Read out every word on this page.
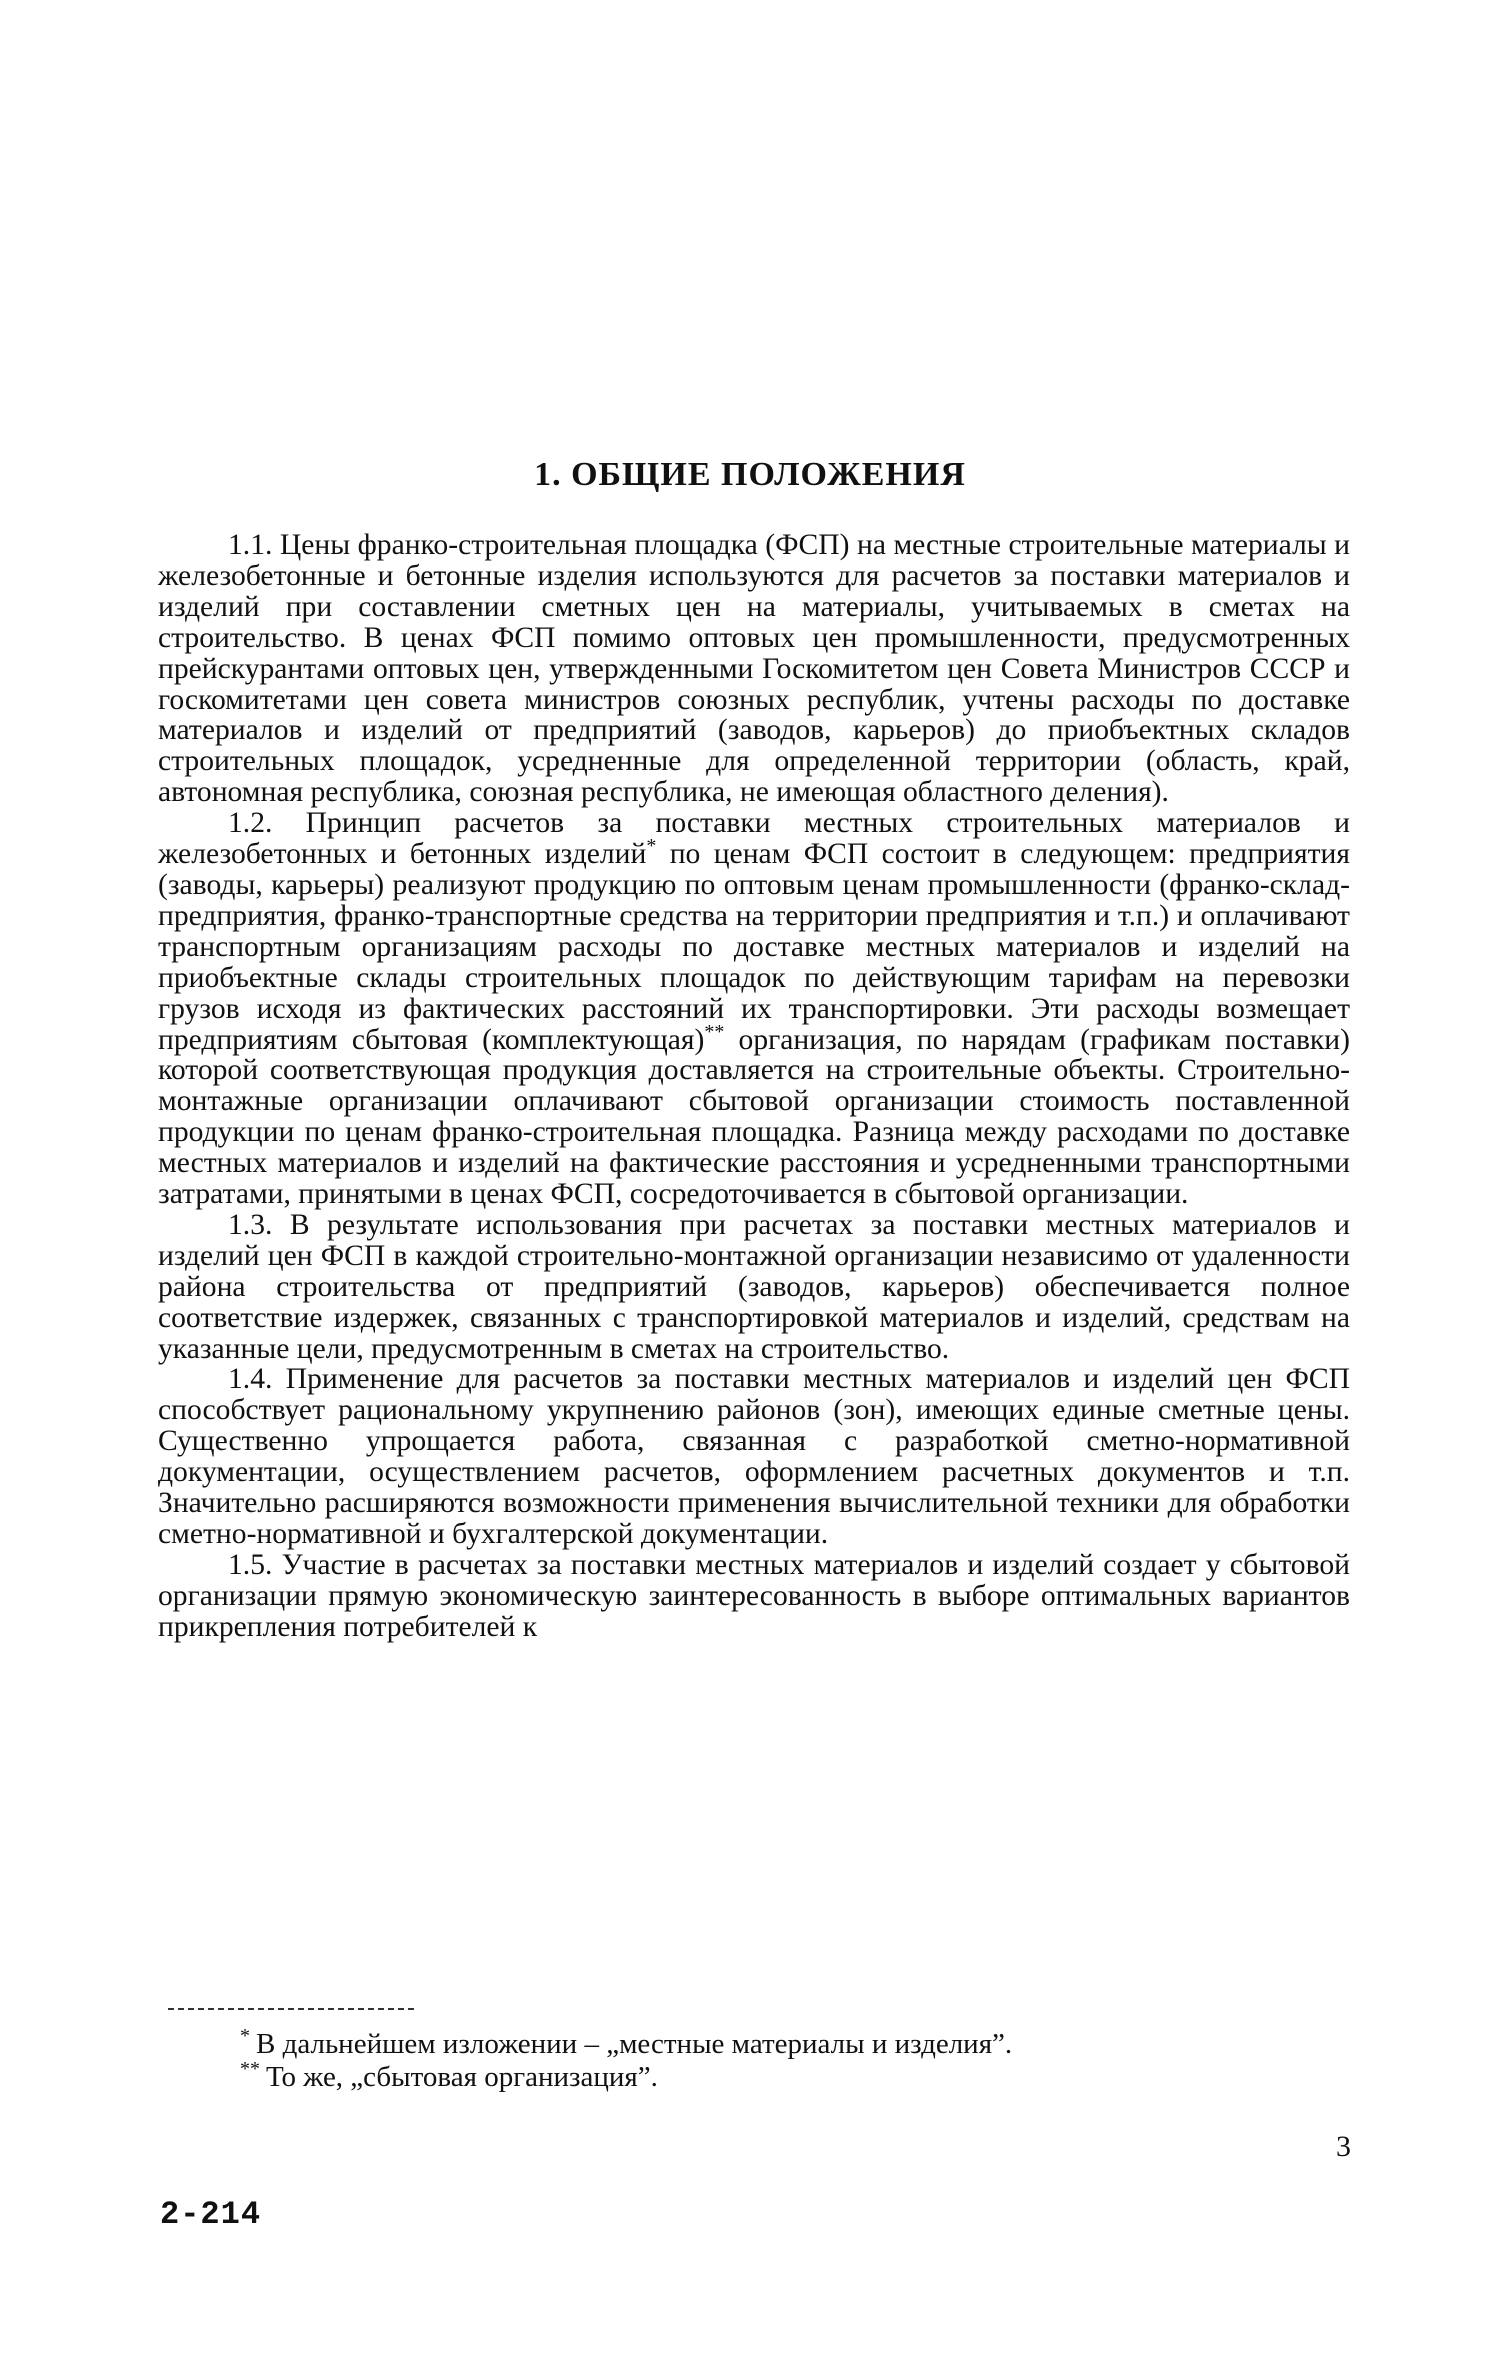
1. ОБЩИЕ ПОЛОЖЕНИЯ

1.1. Цены франко-строительная площадка (ФСП) на местные строительные материалы и железобетонные и бетонные изделия используются для расчетов за поставки материалов и изделий при составлении сметных цен на материалы, учитываемых в сметах на строительство. В ценах ФСП помимо оптовых цен промышленности, предусмотренных прейскурантами оптовых цен, утвержденными Госкомитетом цен Совета Министров СССР и госкомитетами цен совета министров союзных республик, учтены расходы по доставке материалов и изделий от предприятий (заводов, карьеров) до приобъектных складов строительных площадок, усредненные для определенной территории (область, край, автономная республика, союзная республика, не имеющая областного деления).

1.2. Принцип расчетов за поставки местных строительных материалов и железобетонных и бетонных изделий* по ценам ФСП состоит в следующем: предприятия (заводы, карьеры) реализуют продукцию по оптовым ценам промышленности (франко-склад-предприятия, франко-транспортные средства на территории предприятия и т.п.) и оплачивают транспортным организациям расходы по доставке местных материалов и изделий на приобъектные склады строительных площадок по действующим тарифам на перевозки грузов исходя из фактических расстояний их транспортировки. Эти расходы возмещает предприятиям сбытовая (комплектующая)** организация, по нарядам (графикам поставки) которой соответствующая продукция доставляется на строительные объекты. Строительно-монтажные организации оплачивают сбытовой организации стоимость поставленной продукции по ценам франко-строительная площадка. Разница между расходами по доставке местных материалов и изделий на фактические расстояния и усредненными транспортными затратами, принятыми в ценах ФСП, сосредоточивается в сбытовой организации.

1.3. В результате использования при расчетах за поставки местных материалов и изделий цен ФСП в каждой строительно-монтажной организации независимо от удаленности района строительства от предприятий (заводов, карьеров) обеспечивается полное соответствие издержек, связанных с транспортировкой материалов и изделий, средствам на указанные цели, предусмотренным в сметах на строительство.

1.4. Применение для расчетов за поставки местных материалов и изделий цен ФСП способствует рациональному укрупнению районов (зон), имеющих единые сметные цены. Существенно упрощается работа, связанная с разработкой сметно-нормативной документации, осуществлением расчетов, оформлением расчетных документов и т.п. Значительно расширяются возможности применения вычислительной техники для обработки сметно-нормативной и бухгалтерской документации.

1.5. Участие в расчетах за поставки местных материалов и изделий создает у сбытовой организации прямую экономическую заинтересованность в выборе оптимальных вариантов прикрепления потребителей к

* В дальнейшем изложении – „местные материалы и изделия”.

** То же, „сбытовая организация”.

3
2-214
